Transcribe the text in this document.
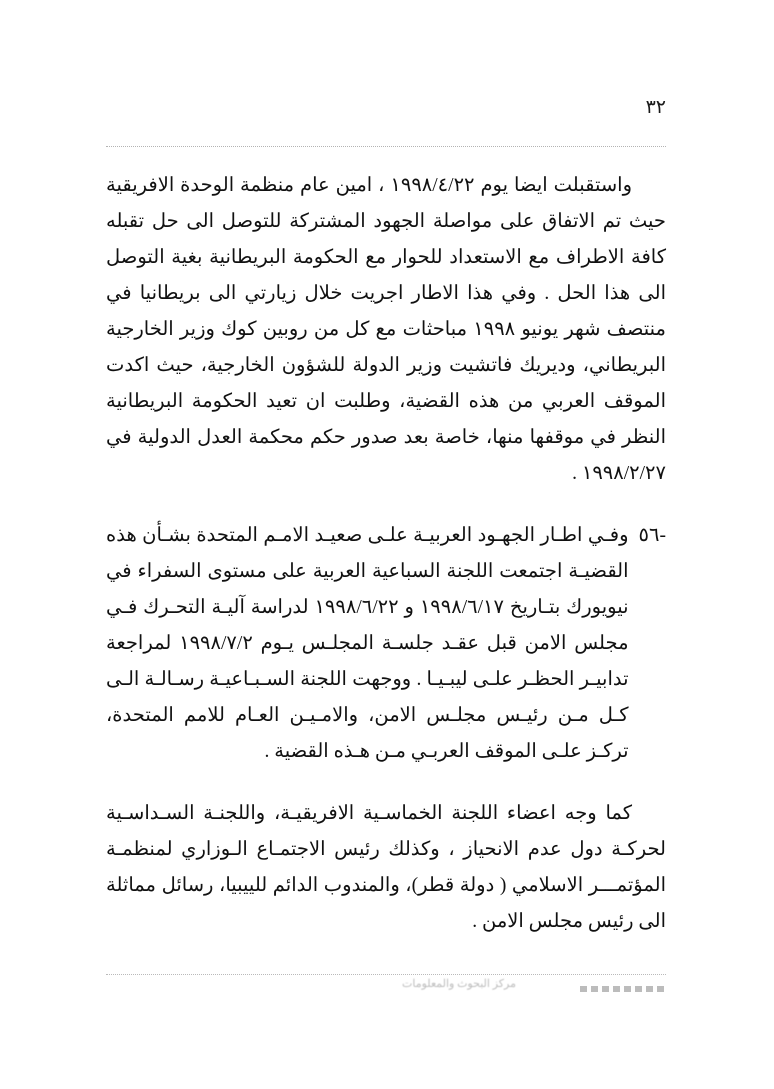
٣٢

واستقبلت ايضا يوم ١٩٩٨/٤/٢٢ ، امين عام منظمة الوحدة الافريقية حيث تم الاتفاق على مواصلة الجهود المشتركة للتوصل الى حل تقبله كافة الاطراف مع الاستعداد للحوار مع الحكومة البريطانية بغية التوصل الى هذا الحل . وفي هذا الاطار اجريت خلال زيارتي الى بريطانيا في منتصف شهر يونيو ١٩٩٨ مباحثات مع كل من روبين كوك وزير الخارجية البريطاني، وديريك فاتشيت وزير الدولة للشؤون الخارجية، حيث اكدت الموقف العربي من هذه القضية، وطلبت ان تعيد الحكومة البريطانية النظر في موقفها منها، خاصة بعد صدور حكم محكمة العدل الدولية في ١٩٩٨/٢/٢٧ .

-٥٦
وفـي اطـار الجهـود العربيـة علـى صعيـد الامـم المتحدة بشـأن هذه القضيـة اجتمعت اللجنة السباعية العربية على مستوى السفراء في نيويورك بتـاريخ ١٩٩٨/٦/١٧ و ١٩٩٨/٦/٢٢ لدراسة آليـة التحـرك فـي مجلس الامن قبل عقـد جلسـة المجلـس يـوم ١٩٩٨/٧/٢ لمراجعة تدابيـر الحظـر علـى ليبـيـا . ووجهت اللجنة السـبـاعيـة رسـالـة الـى كـل مـن رئيـس مجلـس الامن، والامـيـن العـام للامم المتحدة، تركـز علـى الموقف العربـي مـن هـذه القضية .

كما وجه اعضاء اللجنة الخماسـية الافريقيـة، واللجنـة السـداسـية لحركـة دول عدم الانحياز ، وكذلك رئيس الاجتمـاع الـوزاري لمنظمـة المؤتمـــر الاسلامي ( دولة قطر)، والمندوب الدائم للييبيا، رسائل مماثلة الى رئيس مجلس الامن .

مركز البحوث والمعلومات
